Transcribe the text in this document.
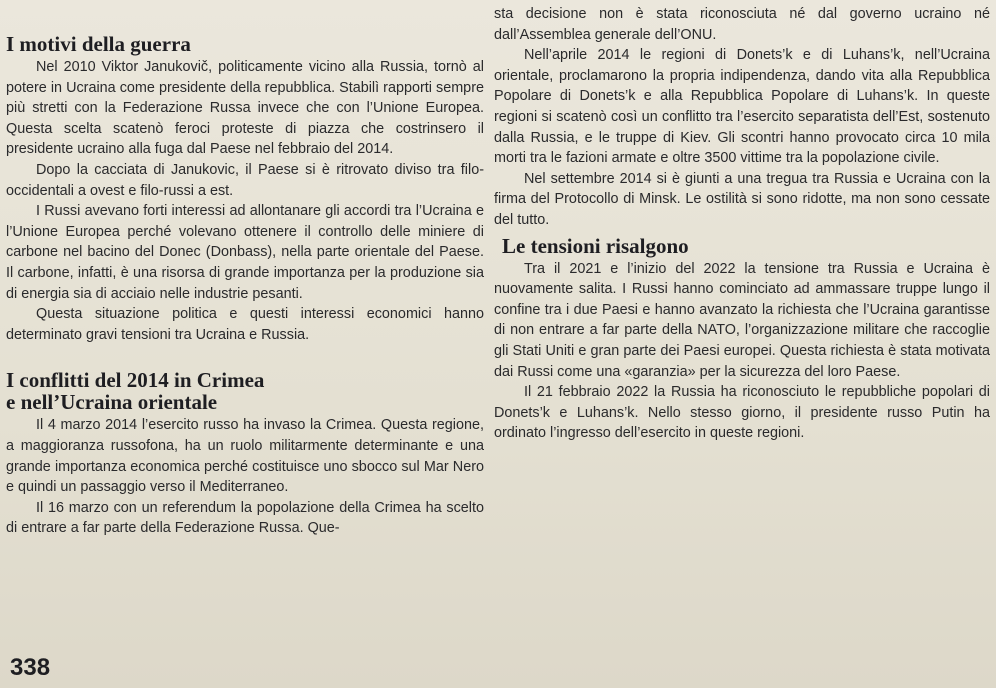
I motivi della guerra

Nel 2010 Viktor Janukovič, politicamente vicino alla Russia, tornò al potere in Ucraina come presidente della repubblica. Stabilì rapporti sempre più stretti con la Federazione Russa invece che con l’Unione Europea. Questa scelta scatenò feroci proteste di piazza che costrinsero il presidente ucraino alla fuga dal Paese nel febbraio del 2014.

Dopo la cacciata di Janukovic, il Paese si è ritrovato diviso tra filo-occidentali a ovest e filo-russi a est.

I Russi avevano forti interessi ad allontanare gli accordi tra l’Ucraina e l’Unione Europea perché volevano ottenere il controllo delle miniere di carbone nel bacino del Donec (Donbass), nella parte orientale del Paese. Il carbone, infatti, è una risorsa di grande importanza per la produzione sia di energia sia di acciaio nelle industrie pesanti.

Questa situazione politica e questi interessi economici hanno determinato gravi tensioni tra Ucraina e Russia.

I conflitti del 2014 in Crimea
e nell’Ucraina orientale

Il 4 marzo 2014 l’esercito russo ha invaso la Crimea. Questa regione, a maggioranza russofona, ha un ruolo militarmente determinante e una grande importanza economica perché costituisce uno sbocco sul Mar Nero e quindi un passaggio verso il Mediterraneo.

Il 16 marzo con un referendum la popolazione della Crimea ha scelto di entrare a far parte della Federazione Russa. Que-

sta decisione non è stata riconosciuta né dal governo ucraino né dall’Assemblea generale dell’ONU.

Nell’aprile 2014 le regioni di Donets’k e di Luhans’k, nell’Ucraina orientale, proclamarono la propria indipendenza, dando vita alla Repubblica Popolare di Donets’k e alla Repubblica Popolare di Luhans’k. In queste regioni si scatenò così un conflitto tra l’esercito separatista dell’Est, sostenuto dalla Russia, e le truppe di Kiev. Gli scontri hanno provocato circa 10 mila morti tra le fazioni armate e oltre 3500 vittime tra la popolazione civile.

Nel settembre 2014 si è giunti a una tregua tra Russia e Ucraina con la firma del Protocollo di Minsk. Le ostilità si sono ridotte, ma non sono cessate del tutto.

Le tensioni risalgono

Tra il 2021 e l’inizio del 2022 la tensione tra Russia e Ucraina è nuovamente salita. I Russi hanno cominciato ad ammassare truppe lungo il confine tra i due Paesi e hanno avanzato la richiesta che l’Ucraina garantisse di non entrare a far parte della NATO, l’organizzazione militare che raccoglie gli Stati Uniti e gran parte dei Paesi europei. Questa richiesta è stata motivata dai Russi come una «garanzia» per la sicurezza del loro Paese.

Il 21 febbraio 2022 la Russia ha riconosciuto le repubbliche popolari di Donets’k e Luhans’k. Nello stesso giorno, il presidente russo Putin ha ordinato l’ingresso dell’esercito in queste regioni.

338
